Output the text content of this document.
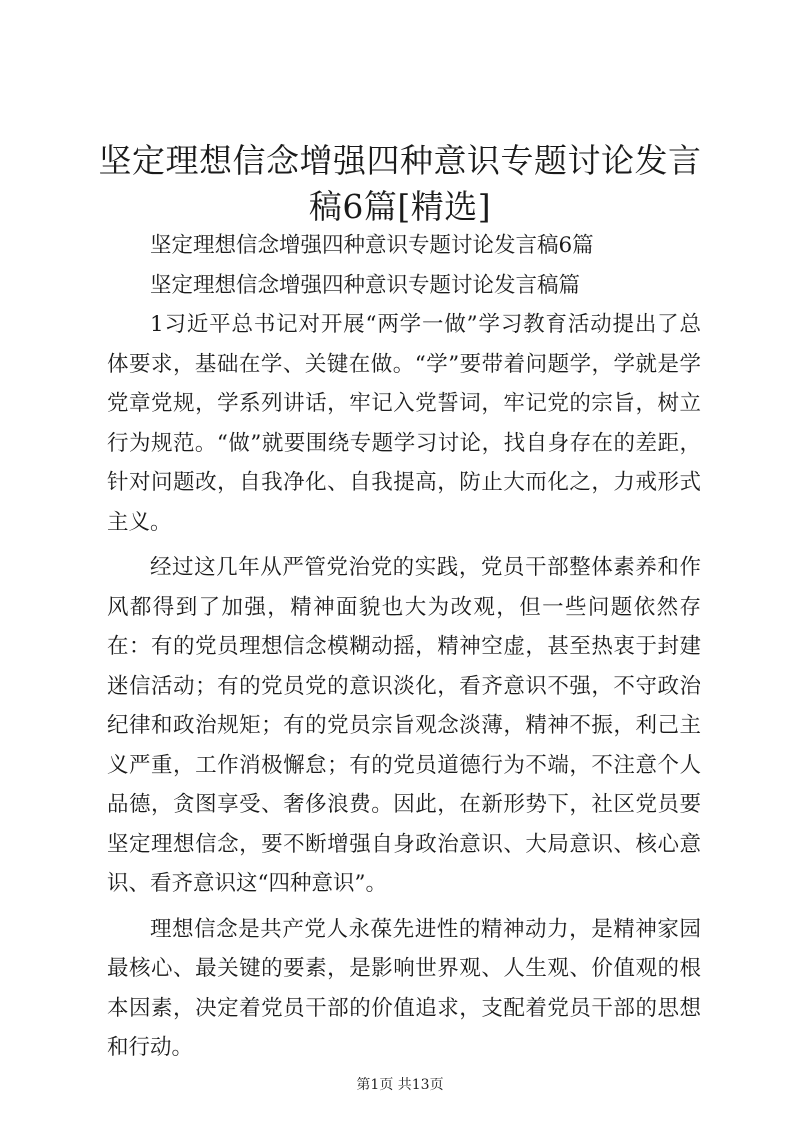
坚定理想信念增强四种意识专题讨论发言稿6篇[精选]

坚定理想信念增强四种意识专题讨论发言稿6篇

坚定理想信念增强四种意识专题讨论发言稿篇

1习近平总书记对开展“两学一做”学习教育活动提出了总体要求，基础在学、关键在做。“学”要带着问题学，学就是学党章党规，学系列讲话，牢记入党誓词，牢记党的宗旨，树立行为规范。“做”就要围绕专题学习讨论，找自身存在的差距，针对问题改，自我净化、自我提高，防止大而化之，力戒形式主义。

经过这几年从严管党治党的实践，党员干部整体素养和作风都得到了加强，精神面貌也大为改观，但一些问题依然存在：有的党员理想信念模糊动摇，精神空虚，甚至热衷于封建迷信活动；有的党员党的意识淡化，看齐意识不强，不守政治纪律和政治规矩；有的党员宗旨观念淡薄，精神不振，利己主义严重，工作消极懈怠；有的党员道德行为不端，不注意个人品德，贪图享受、奢侈浪费。因此，在新形势下，社区党员要坚定理想信念，要不断增强自身政治意识、大局意识、核心意识、看齐意识这“四种意识”。

理想信念是共产党人永葆先进性的精神动力，是精神家园最核心、最关键的要素，是影响世界观、人生观、价值观的根本因素，决定着党员干部的价值追求，支配着党员干部的思想和行动。

第1页 共13页
